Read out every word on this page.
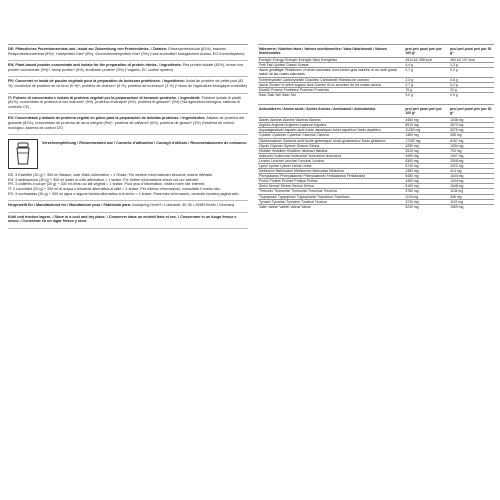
DE: Pflanzliches Pulverkonzentrat und -isolat zur Zubereitung von Proteindrinks. / Zutaten: Erbsenproteinisolat (81%), braunes Reisproteinkonzentrat (9%)*, Hanfprotein Klar* (6%), Sonnenblumenprotein Klar* (3%) (*aus kontrolliert biologischem Anbau, EG Kontrollsystem)
EN: Plant-based powder concentrate and isolate for the preparation of protein drinks. / Ingredients: Pea protein isolate (81%), brown rice protein concentrate (9%)*, hemp protein* (6%), sunflower protein* (3%) (*organic, EC control system)
FR: Concentré et isolat de poudre végétale pour la préparation de boissons protéinées. / Ingrédients: Isolat de protéine de petits pois (81 %), concentré de protéine de riz brun (9 %)*, protéine de chanvre* (6 %), protéine de tournesol* (3 %) (* issus de l'agriculture biologique contrôlée)
IT: Polvere di concentrato e isolato di proteina vegetali per la preparazione di bevande proteiche. / Ingredienti: Proteine isolate di piselli (81%), concentrato di proteina di riso marrone* (9%), proteina di canapa* (6%), proteina di girasole* (3%) (*da agricoltura biologica, sistema di controllo CE)
ES: Concentrado y aislado de proteína vegetal en polvo para la preparación de bebidas proteicas. / Ingredientes: Aislado de proteína del guisante (81%), concentrado de proteína de arroz integral (9%)*, proteína de cáñamo* (6%), proteína de girasol* (3%) (*sistema de control ecológico, sistema de control CE)
Verzehrempfehlung / Recommended use / Conseils d'utilisation / Consigli d'utilizzo / Recomendaciones de consumo:
DE: 3 Esslöffel (30 g) + 300 ml Wasser, oder Milch-Alternative = 1 Shake. Für weitere Informationen besuche unsere Website.
EN: 3 tablespoons (30 g) + 300 ml water or milk alternative = 1 shake. For further informations check out our website.
FR: 3 cuillères à soupe (30 g) + 300 ml d'eau ou lait végétal = 1 shake. Pour plus d'information, visitez notre site Internet.
IT: 3 cucchiaini (30 g) + 300 ml di acqua o bevanda alternativa al latte = 1 shake. Per ulteriori informazioni, consultate il nostro sito.
ES: 3 cucharadas (30 g) + 300 ml agua o alguna bebida alternativa a la leche = 1 shake. Para más información, consulte nuestra página web.
Hergestellt für / Manufactured for / Manufacturé pour / Fabricado para: foodspring GmbH • Lobeckstr. 30-35 • 10969 Berlin • Germany
Kühl und trocken lagern. / Store in a cool and dry place. / Conserver dans un endroit frais et sec. / Conservare in un luogo fresco e secco. / Conservar en un lugar fresco y seco.
Nährwerte / Nutrition facts / Valeurs nutritionnelles / Valori Nutrizionali / Valores Nutricionales	pro/ per/ pour/ per/ por 100 g*	pro/ per/ pour/ per/ por 30 g*
Energie/ Energy/ Énergie/ Energia/ Valor Energético	1514 kJ/ 358 kcal	454 kJ/ 107 kcal
Fett/ Fat/ Lipides/ Grassi/ Grasas	4,4 g	1,3 g
davon gesättigte Fettsäuren/ of which saturates/ dont Acides gras saturés/ di cui acidi grassi saturi/ de las cuales saturadas	0,7 g	0,2 g
Kohlenhydrate/ Carbohydrate/ Glucides/ Carboidrati/ Hidratos de carbono	2,3 g	0,6 g
davon Zucker/ of which sugars/ dont Sucres/ di cui zuccheri/ de los cuales azúcar	0,7 g	0,2 g
Eiweiß/ Protein/ Protéines/ Proteine/ Proteínas	76 g	23 g
Salz/ Salt/ Sel/ Sale/ Sal	3,0 g	0,9 g
Aminosäuren / Amino acids / Acides Aminés / Aminoacidi / Aminoácidos	pro/ per/ pour/ per/ por 100 g*	pro/ per/ pour/ per/ por 30 g*
Alanin/ Alanine/ Alanine/ Alanina/ Alanina	4460 mg	1338 mg
Arginin/ Arginine/ Arginine/ Arginina/ Arginina	8910 mg	2673 mg
Asparaginsäure/ Aspartic acid/ Acide aspartique/ Acido aspartico/ Ácido aspártico	11250 mg	3375 mg
Cystein/ Cysteine/ Cystéine/ Cisteina/ Cisteína	1360 mg	408 mg
Glutaminsäure/ Glutamic acid/ Acide glutamique/ Acido glutammico/ Ácido glutámico	17290 mg	5187 mg
Glycin/ Glycine/ Glycine/ Glicina/ Glicina	4280 mg	1284 mg
Histidin/ Histidine/ Histidine/ Istidina/ Histidina	2510 mg	753 mg
Isoleucin/ Isoleucine/ Isoleucine/ Isoleucina/ Isoleucina	4490 mg	1347 mg
Leucin/ Leucine/ Leucine/ Leucina/ Leucina	8360 mg	2508 mg
Lysin/ Lysine/ Lysine/ Lisina/ Lisina	6740 mg	2022 mg
Methionin/ Methionine/ Méthionine/ Metionina/ Metionina	1380 mg	414 mg
Phenylalanin/ Phenylalanine/ Phénylalanine/ Fenilalanina/ Fenilalanina	5480 mg	1644 mg
Prolin/ Proline/ Proline/ Prolina/ Prolina	4480 mg	1344 mg
Serin/ Serine/ Sérine/ Serina/ Serina	5160 mg	1548 mg
Threonin/ Threonine/ Thréonine/ Treonina/ Treonina	3780 mg	1134 mg
Tryptophan/ Tryptophan/ Tryptophane/ Triptofano/ Triptófano	1120 mg	336 mg
Tyrosin/ Tyrosine/ Tyrosine/ Tirosina/ Tirosina	3730 mg	1119 mg
Valin/ Valine/ Valine/ Valina/ Valina	5230 mg	1569 mg
